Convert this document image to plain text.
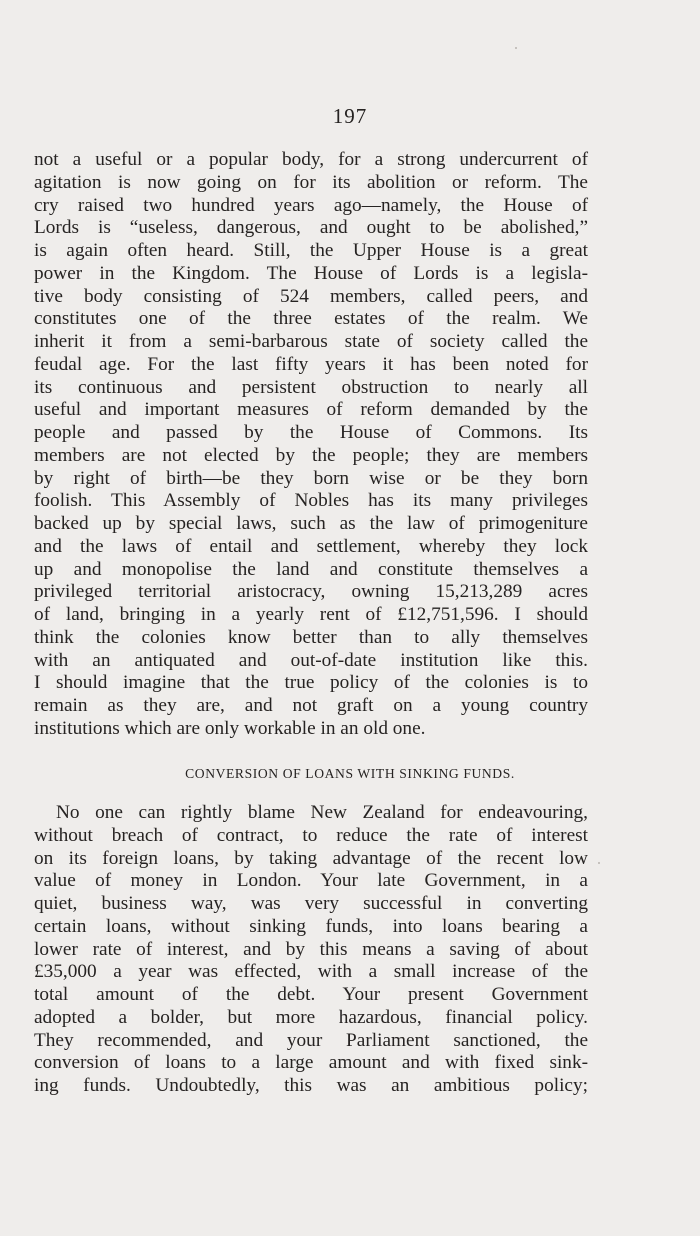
197
not a useful or a popular body, for a strong undercurrent of
agitation is now going on for its abolition or reform. The
cry raised two hundred years ago—namely, the House of
Lords is “useless, dangerous, and ought to be abolished,”
is again often heard. Still, the Upper House is a great
power in the Kingdom. The House of Lords is a legisla-
tive body consisting of 524 members, called peers, and
constitutes one of the three estates of the realm. We
inherit it from a semi-barbarous state of society called the
feudal age. For the last fifty years it has been noted for
its continuous and persistent obstruction to nearly all
useful and important measures of reform demanded by the
people and passed by the House of Commons. Its
members are not elected by the people; they are members
by right of birth—be they born wise or be they born
foolish. This Assembly of Nobles has its many privileges
backed up by special laws, such as the law of primogeniture
and the laws of entail and settlement, whereby they lock
up and monopolise the land and constitute themselves a
privileged territorial aristocracy, owning 15,213,289 acres
of land, bringing in a yearly rent of £12,751,596. I should
think the colonies know better than to ally themselves
with an antiquated and out-of-date institution like this.
I should imagine that the true policy of the colonies is to
remain as they are, and not graft on a young country
institutions which are only workable in an old one.
CONVERSION OF LOANS WITH SINKING FUNDS.
No one can rightly blame New Zealand for endeavouring,
without breach of contract, to reduce the rate of interest
on its foreign loans, by taking advantage of the recent low
value of money in London. Your late Government, in a
quiet, business way, was very successful in converting
certain loans, without sinking funds, into loans bearing a
lower rate of interest, and by this means a saving of about
£35,000 a year was effected, with a small increase of the
total amount of the debt. Your present Government
adopted a bolder, but more hazardous, financial policy.
They recommended, and your Parliament sanctioned, the
conversion of loans to a large amount and with fixed sink-
ing funds. Undoubtedly, this was an ambitious policy;
